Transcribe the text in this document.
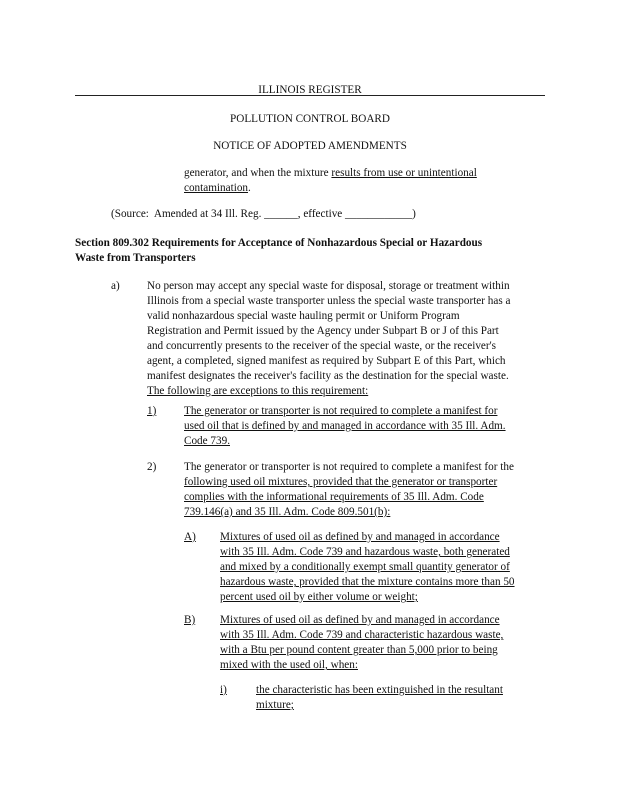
ILLINOIS REGISTER
POLLUTION CONTROL BOARD
NOTICE OF ADOPTED AMENDMENTS
generator, and when the mixture results from use or unintentional
contamination.
(Source:  Amended at 34 Ill. Reg. ______, effective ____________)
Section 809.302 Requirements for Acceptance of Nonhazardous Special or Hazardous
Waste from Transporters
a) No person may accept any special waste for disposal, storage or treatment within
Illinois from a special waste transporter unless the special waste transporter has a
valid nonhazardous special waste hauling permit or Uniform Program
Registration and Permit issued by the Agency under Subpart B or J of this Part
and concurrently presents to the receiver of the special waste, or the receiver's
agent, a completed, signed manifest as required by Subpart E of this Part, which
manifest designates the receiver's facility as the destination for the special waste.
The following are exceptions to this requirement:
1) The generator or transporter is not required to complete a manifest for
used oil that is defined by and managed in accordance with 35 Ill. Adm.
Code 739.
2) The generator or transporter is not required to complete a manifest for the
following used oil mixtures, provided that the generator or transporter
complies with the informational requirements of 35 Ill. Adm. Code
739.146(a) and 35 Ill. Adm. Code 809.501(b):
A) Mixtures of used oil as defined by and managed in accordance
with 35 Ill. Adm. Code 739 and hazardous waste, both generated
and mixed by a conditionally exempt small quantity generator of
hazardous waste, provided that the mixture contains more than 50
percent used oil by either volume or weight;
B) Mixtures of used oil as defined by and managed in accordance
with 35 Ill. Adm. Code 739 and characteristic hazardous waste,
with a Btu per pound content greater than 5,000 prior to being
mixed with the used oil, when:
i)	the characteristic has been extinguished in the resultant
mixture;
